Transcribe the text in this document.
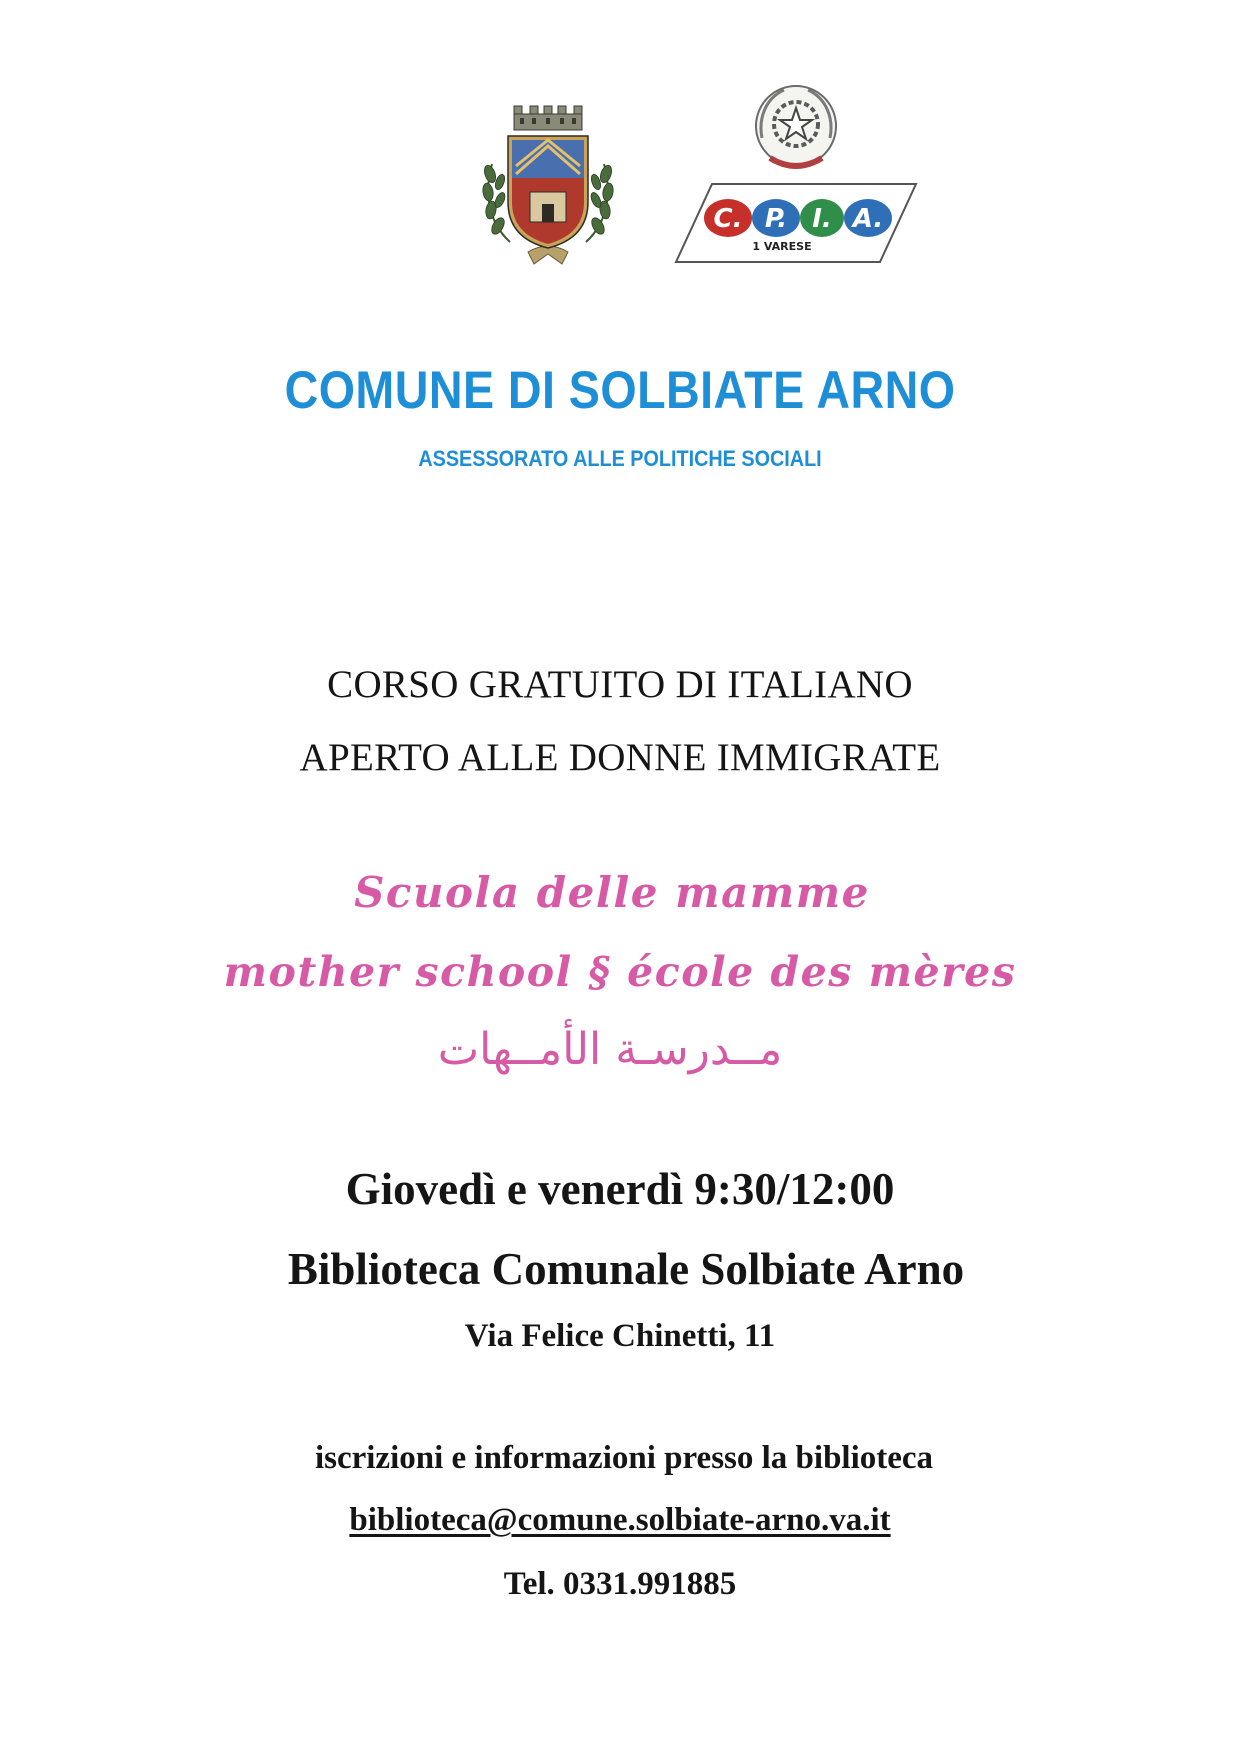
C. P. I. A.
1 VARESE
COMUNE DI SOLBIATE ARNO
ASSESSORATO ALLE POLITICHE SOCIALI
CORSO GRATUITO DI ITALIANO
APERTO ALLE DONNE IMMIGRATE
Scuola delle mamme
mother school § école des mères
مــدرسـة الأمــهات
Giovedì e venerdì 9:30/12:00
Biblioteca Comunale Solbiate Arno
Via Felice Chinetti, 11
iscrizioni e informazioni presso la biblioteca
biblioteca@comune.solbiate-arno.va.it
Tel. 0331.991885
